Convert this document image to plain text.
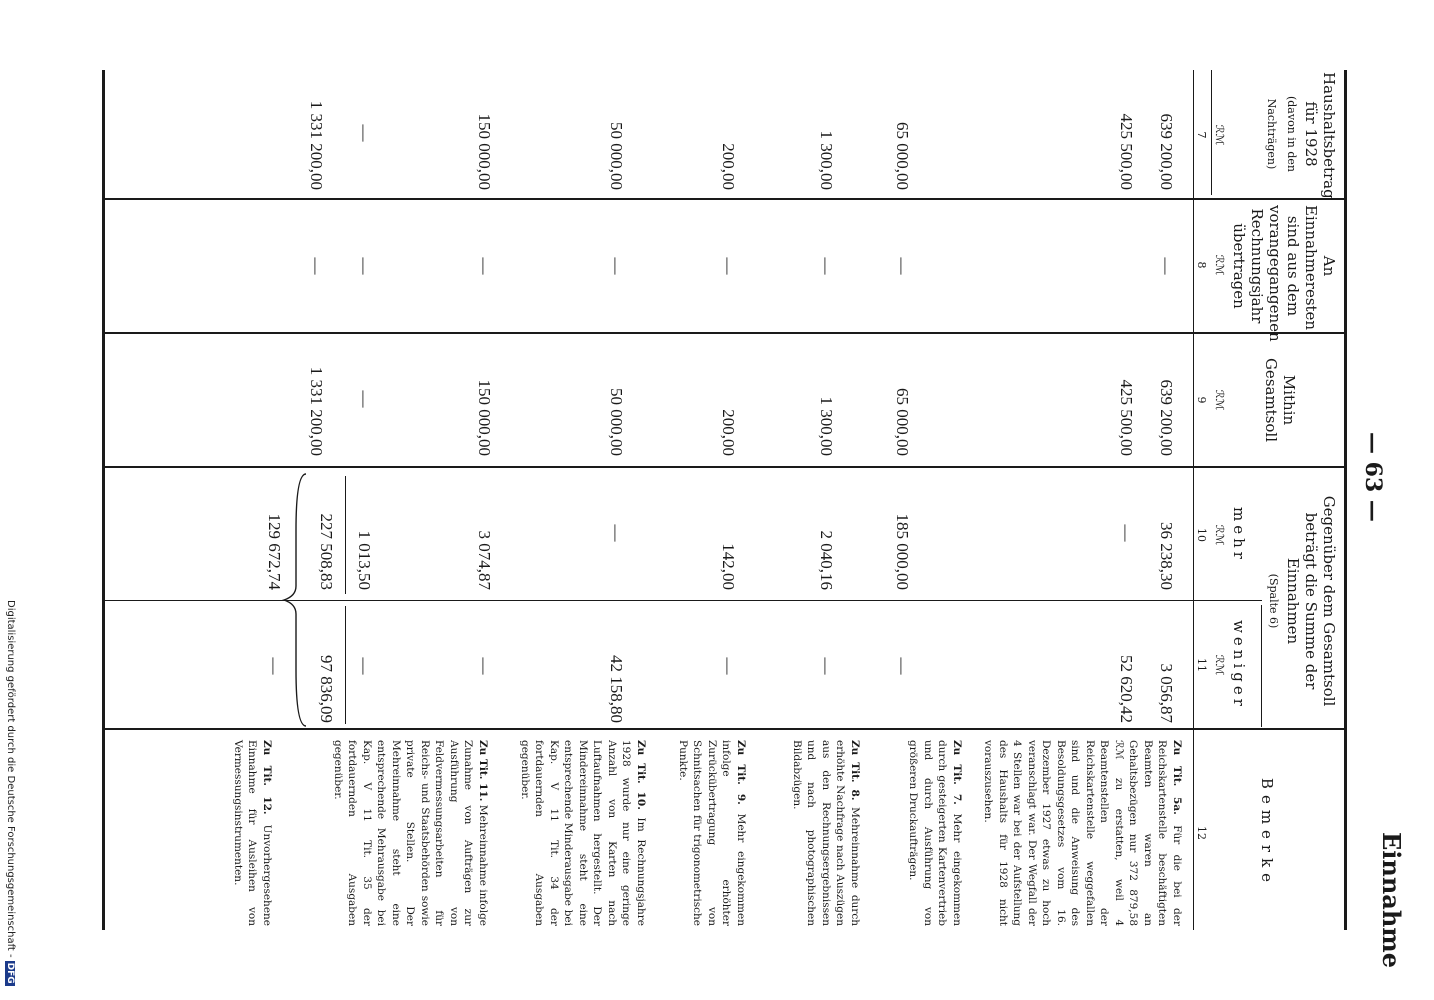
— 63 —
Einnahme
Haushaltsbetrag für 1928
(davon in den Nachträgen)
ℛℳ
7
An Einnahmeresten sind aus dem vorangegangenen Rechnungsjahr übertragen
ℛℳ
8
Mithin Gesamtsoll
ℛℳ
9
Gegenüber dem Gesamtsoll beträgt die Summe der Einnahmen
(Spalte 6)
mehr
ℛℳ
10
weniger
ℛℳ
11
Bemerke
12
639 200,00
—
639 200,00
36 238,30
3 056,87
425 500,00
425 500,00
—
52 620,42
65 000,00
—
65 000,00
185 000,00
—
1 300,00
—
1 300,00
2 040,16
—
200,00
—
200,00
142,00
—
50 000,00
—
50 000,00
—
42 158,80
150 000,00
—
150 000,00
3 074,87
—
—
—
—
1 013,50
—
1 331 200,00
—
1 331 200,00
227 508,83
97 836,09
129 672,74
—
Zu Tit. 5a. Für die bei der Reichskartenstelle beschäftigten Beamten waren an Gehaltsbezügen nur 372 879,58 ℛℳ zu erstatten, weil 4 Beamtenstellen der Reichskartenstelle weggefallen sind und die Anweisung des Besoldungsgesetzes vom 16. Dezember 1927 etwas zu hoch veranschlagt war. Der Wegfall der 4 Stellen war bei der Aufstellung des Haushalts für 1928 nicht vorauszusehen.
Zu Tit. 7. Mehr eingekommen durch gesteigerten Kartenvertrieb und durch Ausführung von größeren Druckaufträgen.
Zu Tit. 8. Mehreinnahme durch erhöhte Nachfrage nach Auszügen aus den Rechnungsergebnissen und nach photographischen Bildabzügen.
Zu Tit. 9. Mehr eingekommen infolge erhöhter Zurückübertragung von Schnitsachen für trigonometrische Punkte.
Zu Tit. 10. Im Rechnungsjahre 1928 wurde nur eine geringe Anzahl von Karten nach Luftaufnahmen hergestellt. Der Mindereinnahme steht eine entsprechende Minderausgabe bei Kap. V 11 Tit. 34 der fortdauernden Ausgaben gegenüber.
Zu Tit. 11. Mehreinnahme infolge Zunahme von Aufträgen zur Ausführung von Feldvermessungsarbeiten für Reichs- und Staatsbehörden sowie private Stellen. Der Mehreinnahme steht eine entsprechende Mehrausgabe bei Kap. V 11 Tit. 35 der fortdauernden Ausgaben gegenüber.
Zu Tit. 12. Unvorhergesehene Einnahme für Ausleihen von Vermessungsinstrumenten.
Digitalisierung gefördert durch die Deutsche Forschungsgemeinschaft -DFG
